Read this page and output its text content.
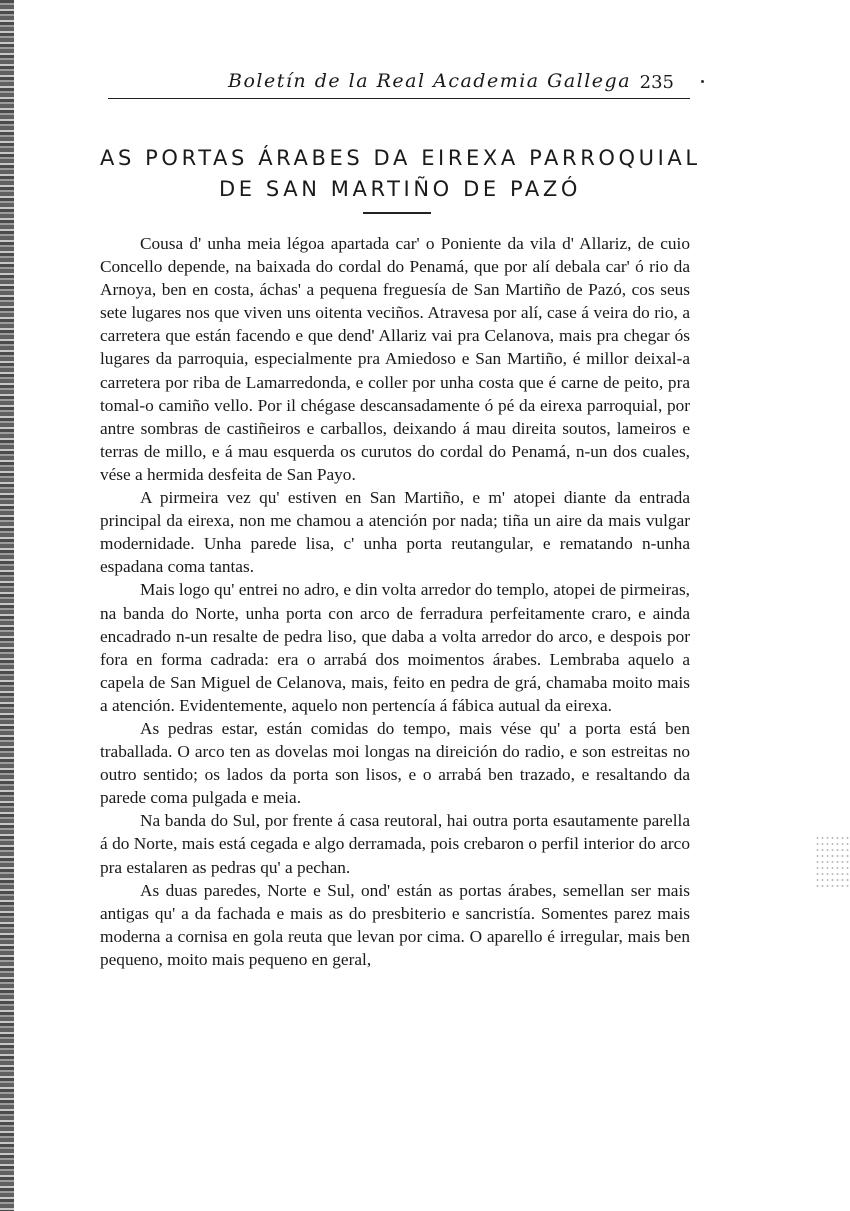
Boletín de la Real Academia Gallega 235
AS PORTAS ÁRABES DA EIREXA PARROQUIAL
DE SAN MARTIÑO DE PAZÓ

Cousa d' unha meia légoa apartada car' o Poniente da vila d' Allariz, de cuio Concello depende, na baixada do cordal do Penamá, que por alí debala car' ó rio da Arnoya, ben en costa, áchas' a pequena freguesía de San Martiño de Pazó, cos seus sete lugares nos que viven uns oitenta veciños. Atravesa por alí, case á veira do rio, a carretera que están facendo e que dend' Allariz vai pra Celanova, mais pra chegar ós lugares da parroquia, especialmente pra Amiedoso e San Martiño, é millor deixal-a carretera por riba de Lamarredonda, e coller por unha costa que é carne de peito, pra tomal-o camiño vello. Por il chégase descansadamente ó pé da eirexa parroquial, por antre sombras de castiñeiros e carballos, deixando á mau direita soutos, lameiros e terras de millo, e á mau esquerda os curutos do cordal do Penamá, n-un dos cuales, vése a hermida desfeita de San Payo.

A pirmeira vez qu' estiven en San Martiño, e m' atopei diante da entrada principal da eirexa, non me chamou a atención por nada; tiña un aire da mais vulgar modernidade. Unha parede lisa, c' unha porta reutangular, e rematando n-unha espadana coma tantas.

Mais logo qu' entrei no adro, e din volta arredor do templo, atopei de pirmeiras, na banda do Norte, unha porta con arco de ferradura perfeitamente craro, e ainda encadrado n-un resalte de pedra liso, que daba a volta arredor do arco, e despois por fora en forma cadrada: era o arrabá dos moimentos árabes. Lembraba aquelo a capela de San Miguel de Celanova, mais, feito en pedra de grá, chamaba moito mais a atención. Evidentemente, aquelo non pertencía á fábica autual da eirexa.

As pedras estar, están comidas do tempo, mais vése qu' a porta está ben traballada. O arco ten as dovelas moi longas na direición do radio, e son estreitas no outro sentido; os lados da porta son lisos, e o arrabá ben trazado, e resaltando da parede coma pulgada e meia.

Na banda do Sul, por frente á casa reutoral, hai outra porta esautamente parella á do Norte, mais está cegada e algo derramada, pois crebaron o perfil interior do arco pra estalaren as pedras qu' a pechan.

As duas paredes, Norte e Sul, ond' están as portas árabes, semellan ser mais antigas qu' a da fachada e mais as do presbiterio e sancristía. Somentes parez mais moderna a cornisa en gola reuta que levan por cima. O aparello é irregular, mais ben pequeno, moito mais pequeno en geral,
